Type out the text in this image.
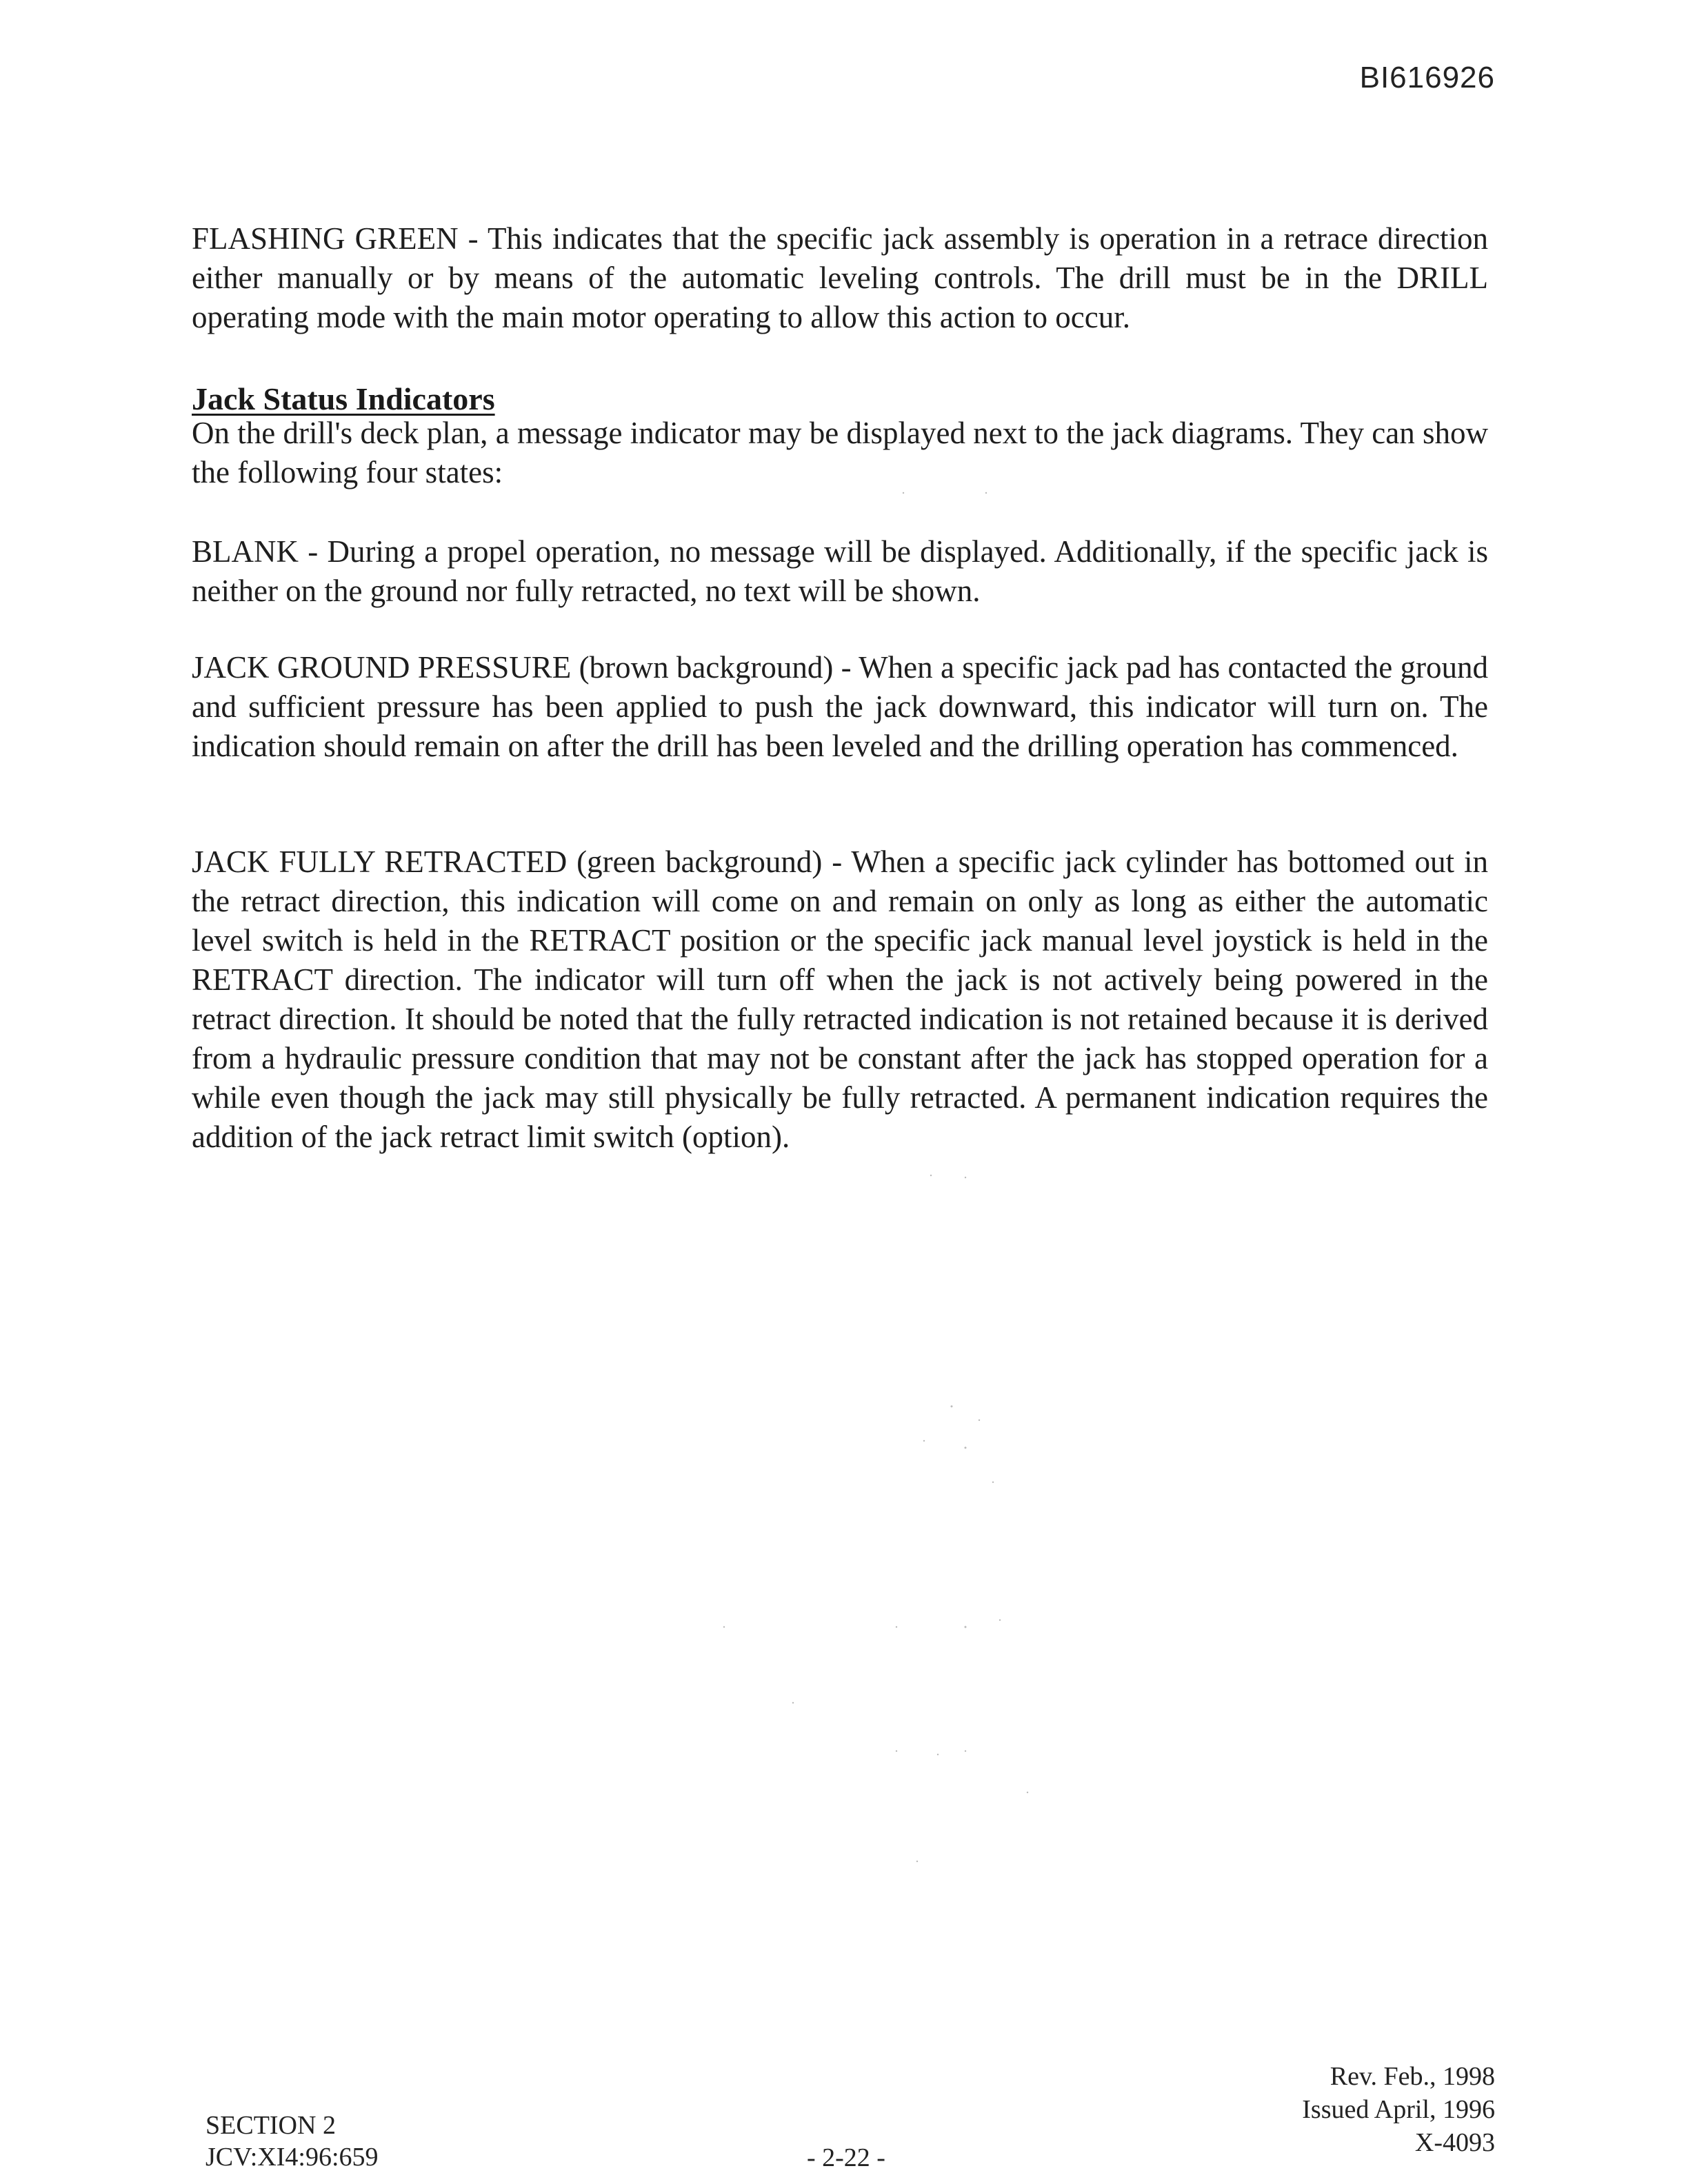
BI616926
FLASHING GREEN - This indicates that the specific jack assembly is operation in a retrace direction either manually or by means of the automatic leveling controls. The drill must be in the DRILL operating mode with the main motor operating to allow this action to occur.
Jack Status Indicators
On the drill's deck plan, a message indicator may be displayed next to the jack diagrams. They can show the following four states:
BLANK - During a propel operation, no message will be displayed. Additionally, if the specific jack is neither on the ground nor fully retracted, no text will be shown.
JACK GROUND PRESSURE (brown background) - When a specific jack pad has contacted the ground and sufficient pressure has been applied to push the jack downward, this indicator will turn on. The indication should remain on after the drill has been leveled and the drilling operation has commenced.
JACK FULLY RETRACTED (green background) - When a specific jack cylinder has bottomed out in the retract direction, this indication will come on and remain on only as long as either the automatic level switch is held in the RETRACT position or the specific jack manual level joystick is held in the RETRACT direction. The indicator will turn off when the jack is not actively being powered in the retract direction. It should be noted that the fully retracted indication is not retained because it is derived from a hydraulic pressure condition that may not be constant after the jack has stopped operation for a while even though the jack may still physically be fully retracted. A permanent indication requires the addition of the jack retract limit switch (option).
SECTION 2
JCV:XI4:96:659	- 2-22 -
Rev. Feb., 1998
Issued April, 1996
X-4093
